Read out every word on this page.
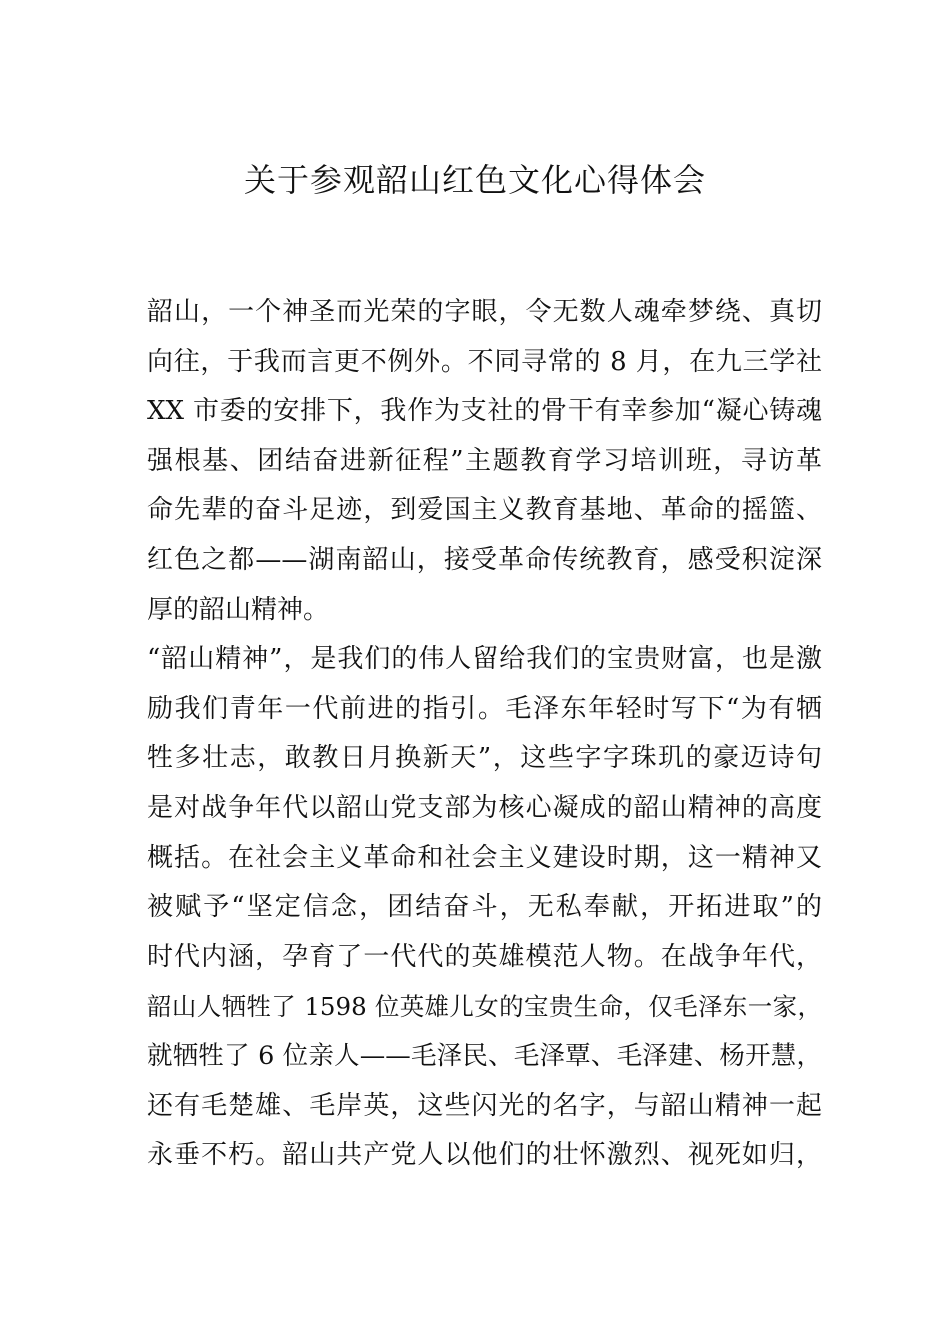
关于参观韶山红色文化心得体会
韶山，一个神圣而光荣的字眼，令无数人魂牵梦绕、真切
向往，于我而言更不例外。不同寻常的 8 月，在九三学社
XX 市委的安排下，我作为支社的骨干有幸参加“凝心铸魂
强根基、团结奋进新征程”主题教育学习培训班，寻访革
命先辈的奋斗足迹，到爱国主义教育基地、革命的摇篮、
红色之都——湖南韶山，接受革命传统教育，感受积淀深
厚的韶山精神。
“韶山精神”，是我们的伟人留给我们的宝贵财富，也是激
励我们青年一代前进的指引。毛泽东年轻时写下“为有牺
牲多壮志，敢教日月换新天”，这些字字珠玑的豪迈诗句
是对战争年代以韶山党支部为核心凝成的韶山精神的高度
概括。在社会主义革命和社会主义建设时期，这一精神又
被赋予“坚定信念，团结奋斗，无私奉献，开拓进取”的
时代内涵，孕育了一代代的英雄模范人物。在战争年代，
韶山人牺牲了 1598 位英雄儿女的宝贵生命，仅毛泽东一家，
就牺牲了 6 位亲人——毛泽民、毛泽覃、毛泽建、杨开慧，
还有毛楚雄、毛岸英，这些闪光的名字，与韶山精神一起
永垂不朽。韶山共产党人以他们的壮怀激烈、视死如归，
